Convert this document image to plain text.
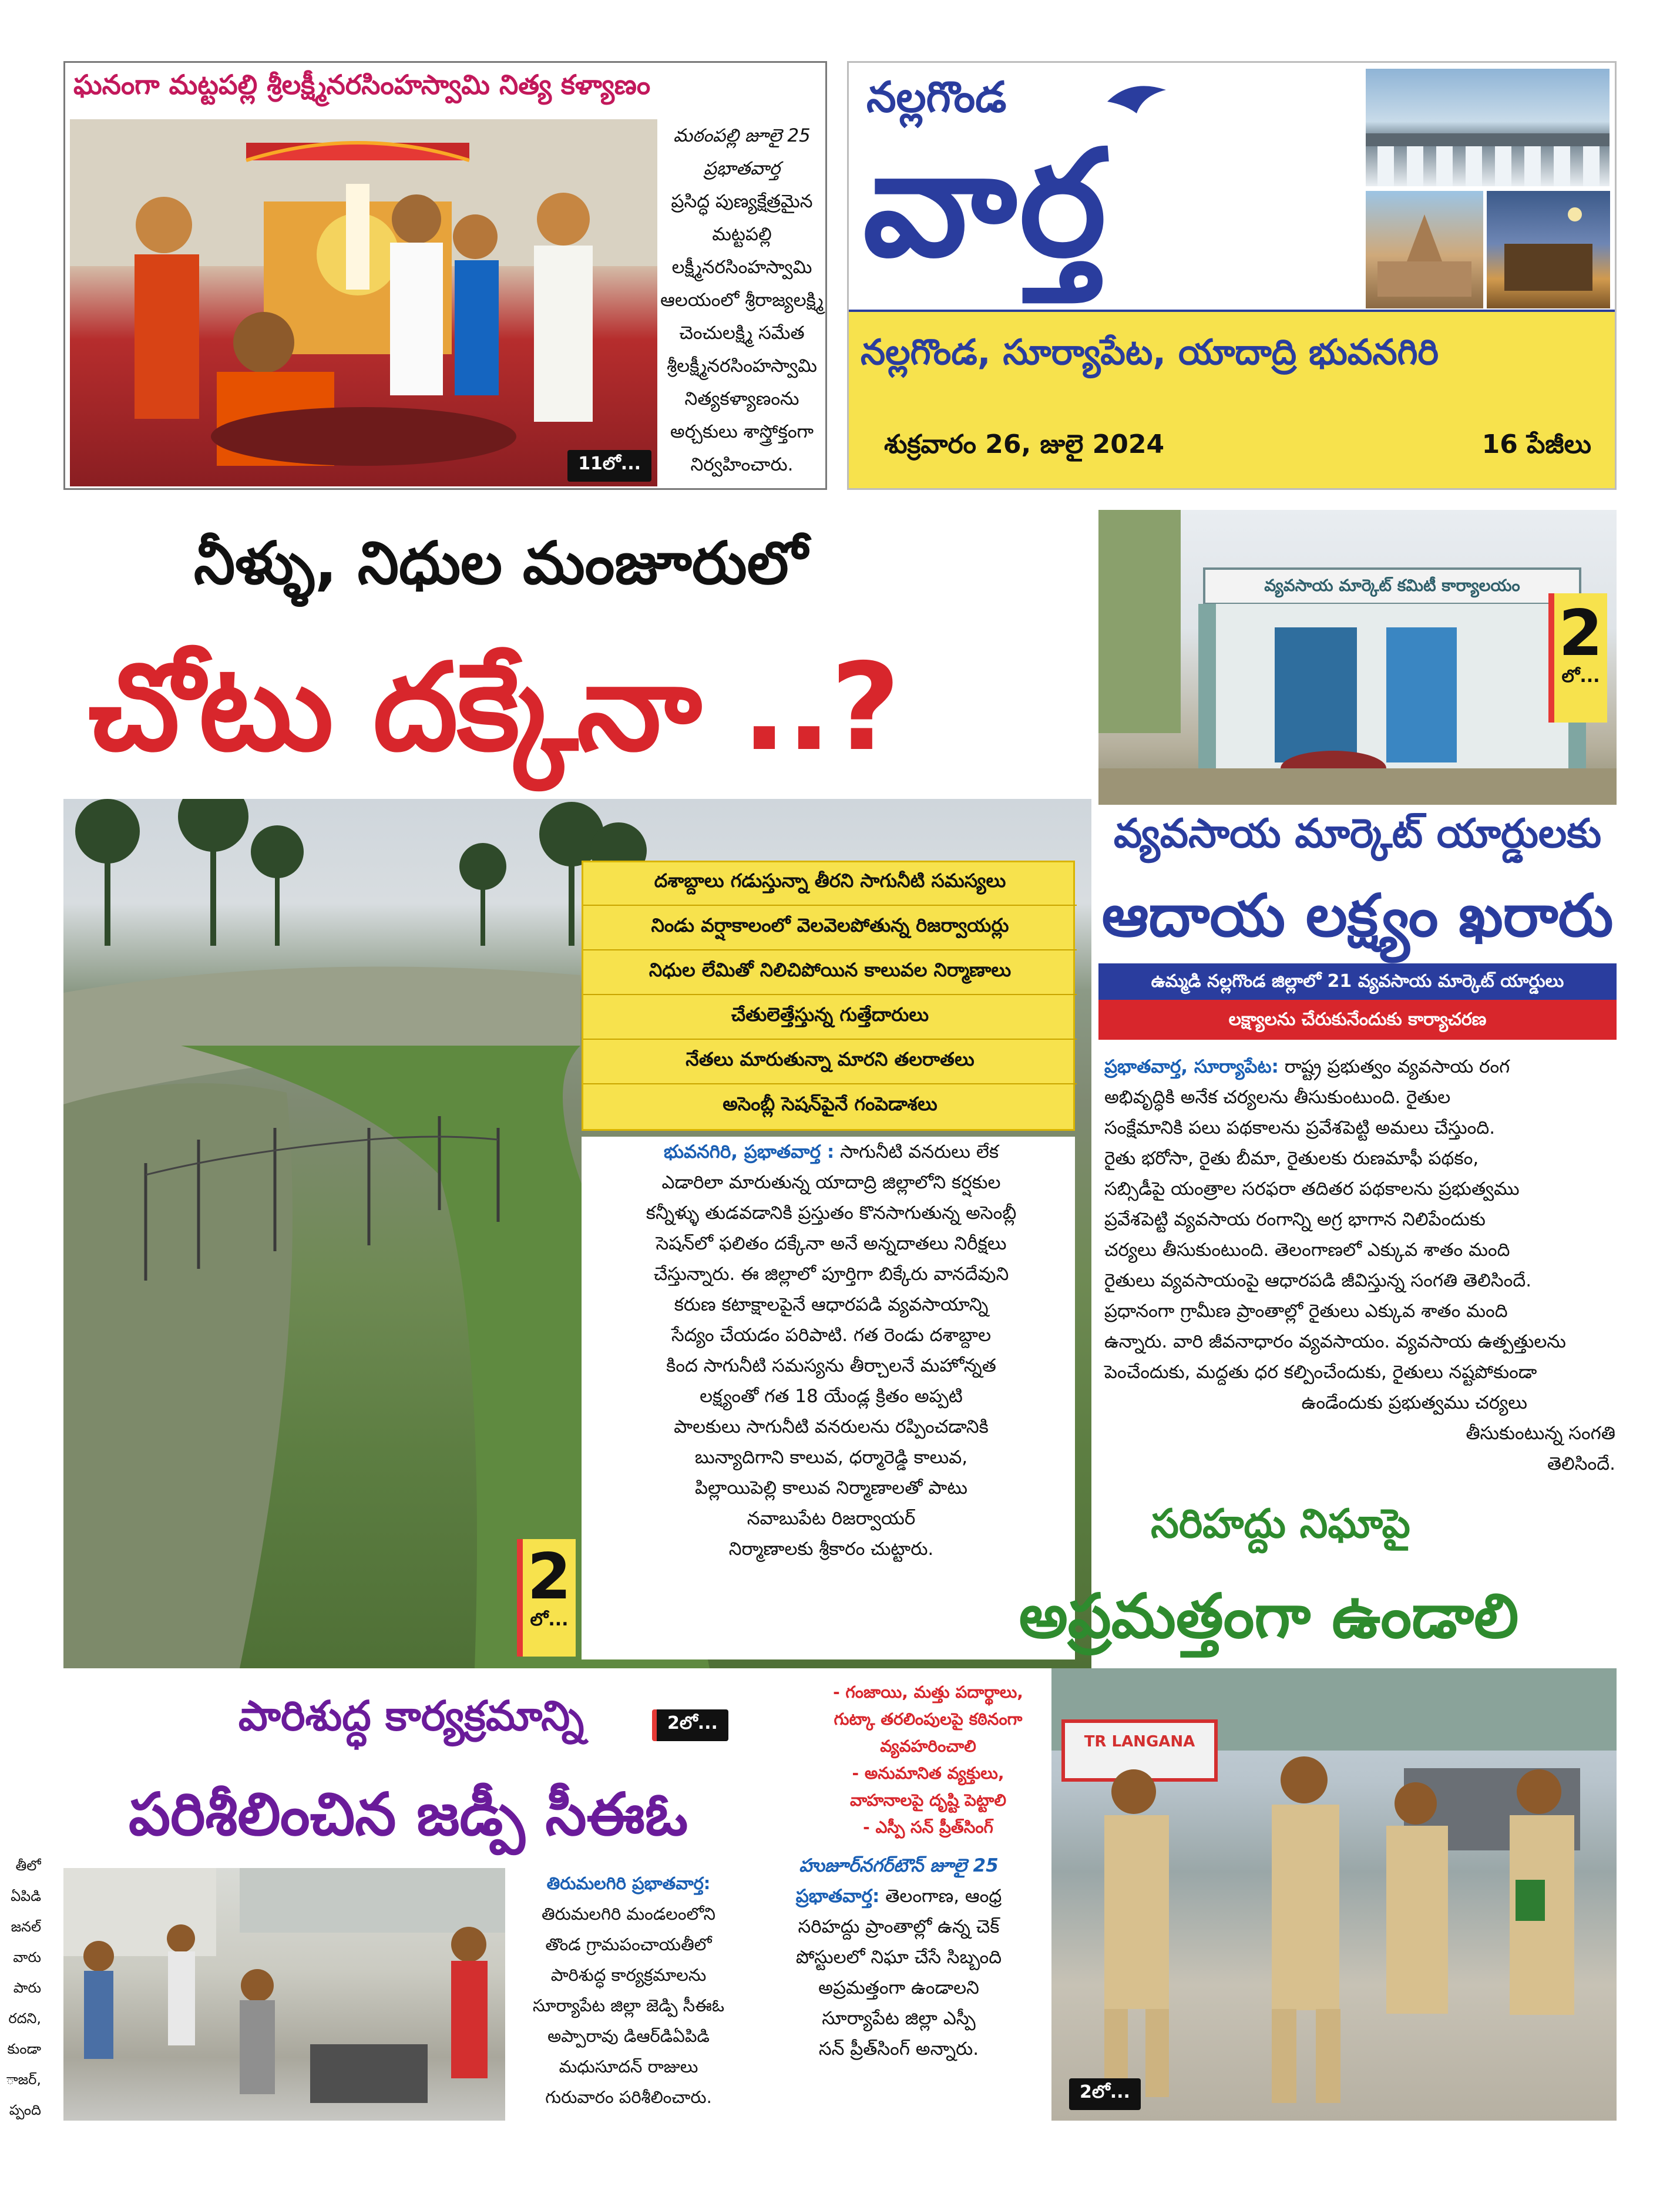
ఘనంగా మట్టపల్లి శ్రీలక్ష్మీనరసింహస్వామి నిత్య కళ్యాణం
11లో...
మఠంపల్లి జూలై 25
ప్రభాతవార్త
ప్రసిద్ధ పుణ్యక్షేత్రమైన
మట్టపల్లి
లక్ష్మీనరసింహస్వామి
ఆలయంలో శ్రీరాజ్యలక్ష్మి
చెంచులక్ష్మి సమేత
శ్రీలక్ష్మీనరసింహస్వామి
నిత్యకళ్యాణంను
అర్చకులు శాస్త్రోక్తంగా
నిర్వహించారు.
నల్లగొండ
వార్త
నల్లగొండ, సూర్యాపేట, యాదాద్రి భువనగిరి
శుక్రవారం 26, జులై 2024	16 పేజీలు
నీళ్ళు, నిధుల మంజూరులో
చోటు దక్కేనా ..?
దశాబ్దాలు గడుస్తున్నా తీరని సాగునీటి సమస్యలు
నిండు వర్షాకాలంలో వెలవెలపోతున్న రిజర్వాయర్లు
నిధుల లేమితో నిలిచిపోయిన కాలువల నిర్మాణాలు
చేతులెత్తేస్తున్న గుత్తేదారులు
నేతలు మారుతున్నా మారని తలరాతలు
అసెంబ్లీ సెషన్‌పైనే గంపెడాశలు

భువనగిరి, ప్రభాతవార్త : సాగునీటి వనరులు లేక

ఎడారిలా మారుతున్న యాదాద్రి జిల్లాలోని కర్షకుల

కన్నీళ్ళు తుడవడానికి ప్రస్తుతం కొనసాగుతున్న అసెంబ్లీ

సెషన్‌లో ఫలితం దక్కేనా అనే అన్నదాతలు నిరీక్షలు

చేస్తున్నారు. ఈ జిల్లాలో పూర్తిగా బిక్కేరు వానదేవుని

కరుణ కటాక్షాలపైనే ఆధారపడి వ్యవసాయాన్ని

సేద్యం చేయడం పరిపాటి. గత రెండు దశాబ్దాల

కింద సాగునీటి సమస్యను తీర్చాలనే మహోన్నత

లక్ష్యంతో గత 18 యేండ్ల క్రితం అప్పటి

పాలకులు సాగునీటి వనరులను రప్పించడానికి

బున్యాదిగాని కాలువ, ధర్మారెడ్డి కాలువ,

పిల్లాయిపెల్లి కాలువ నిర్మాణాలతో పాటు

నవాబుపేట రిజర్వాయర్

నిర్మాణాలకు శ్రీకారం చుట్టారు.

2
లో...
వ్యవసాయ మార్కెట్ కమిటీ కార్యాలయం
2
లో...
వ్యవసాయ మార్కెట్ యార్డులకు
ఆదాయ లక్ష్యం ఖరారు
ఉమ్మడి నల్లగొండ జిల్లాలో 21 వ్యవసాయ మార్కెట్ యార్డులు
లక్ష్యాలను చేరుకునేందుకు కార్యాచరణ

ప్రభాతవార్త, సూర్యాపేట: రాష్ట్ర ప్రభుత్వం వ్యవసాయ రంగ

అభివృద్ధికి అనేక చర్యలను తీసుకుంటుంది. రైతుల

సంక్షేమానికి పలు పథకాలను ప్రవేశపెట్టి అమలు చేస్తుంది.

రైతు భరోసా, రైతు బీమా, రైతులకు రుణమాఫీ పథకం,

సబ్సిడీపై యంత్రాల సరఫరా తదితర పథకాలను ప్రభుత్వము

ప్రవేశపెట్టి వ్యవసాయ రంగాన్ని అగ్ర భాగాన నిలిపేందుకు

చర్యలు తీసుకుంటుంది. తెలంగాణలో ఎక్కువ శాతం మంది

రైతులు వ్యవసాయంపై ఆధారపడి జీవిస్తున్న సంగతి తెలిసిందే.

ప్రధానంగా గ్రామీణ ప్రాంతాల్లో రైతులు ఎక్కువ శాతం మంది

ఉన్నారు. వారి జీవనాధారం వ్యవసాయం. వ్యవసాయ ఉత్పత్తులను

పెంచేందుకు, మద్దతు ధర కల్పించేందుకు, రైతులు నష్టపోకుండా

ఉండేందుకు ప్రభుత్వము చర్యలు

తీసుకుంటున్న సంగతి

తెలిసిందే.

సరిహద్దు నిఘాపై
అప్రమత్తంగా ఉండాలి
- గంజాయి, మత్తు పదార్థాలు,
గుట్కా తరలింపులపై కఠినంగా
వ్యవహరించాలి
- అనుమానిత వ్యక్తులు,
వాహనాలపై దృష్టి పెట్టాలి
- ఎస్పీ సన్ ప్రీత్‌సింగ్

హుజూర్‌నగర్‌టౌన్ జూలై 25

ప్రభాతవార్త: తెలంగాణ, ఆంధ్ర

సరిహద్దు ప్రాంతాల్లో ఉన్న చెక్

పోస్టులలో నిఘా చేసే సిబ్బంది

అప్రమత్తంగా ఉండాలని

సూర్యాపేట జిల్లా ఎస్పీ

సన్ ప్రీత్‌సింగ్ అన్నారు.

TR LANGANA
2లో...
పారిశుద్ధ కార్యక్రమాన్ని	2లో...
పరిశీలించిన జడ్పీ సీఈఓ
తిరుమలగిరి ప్రభాతవార్త:
తిరుమలగిరి మండలంలోని
తొండ గ్రామపంచాయతీలో
పారిశుద్ధ కార్యక్రమాలను
సూర్యాపేట జిల్లా జెడ్పి సీఈఓ
అప్పారావు డిఆర్‌డిఏపిడి
మధుసూదన్ రాజులు
గురువారం పరిశీలించారు.
తీలో
ఏపిడి
జనల్
వారు
పారు
రదని,
కుండా
ాజర్,
ప్పంది
